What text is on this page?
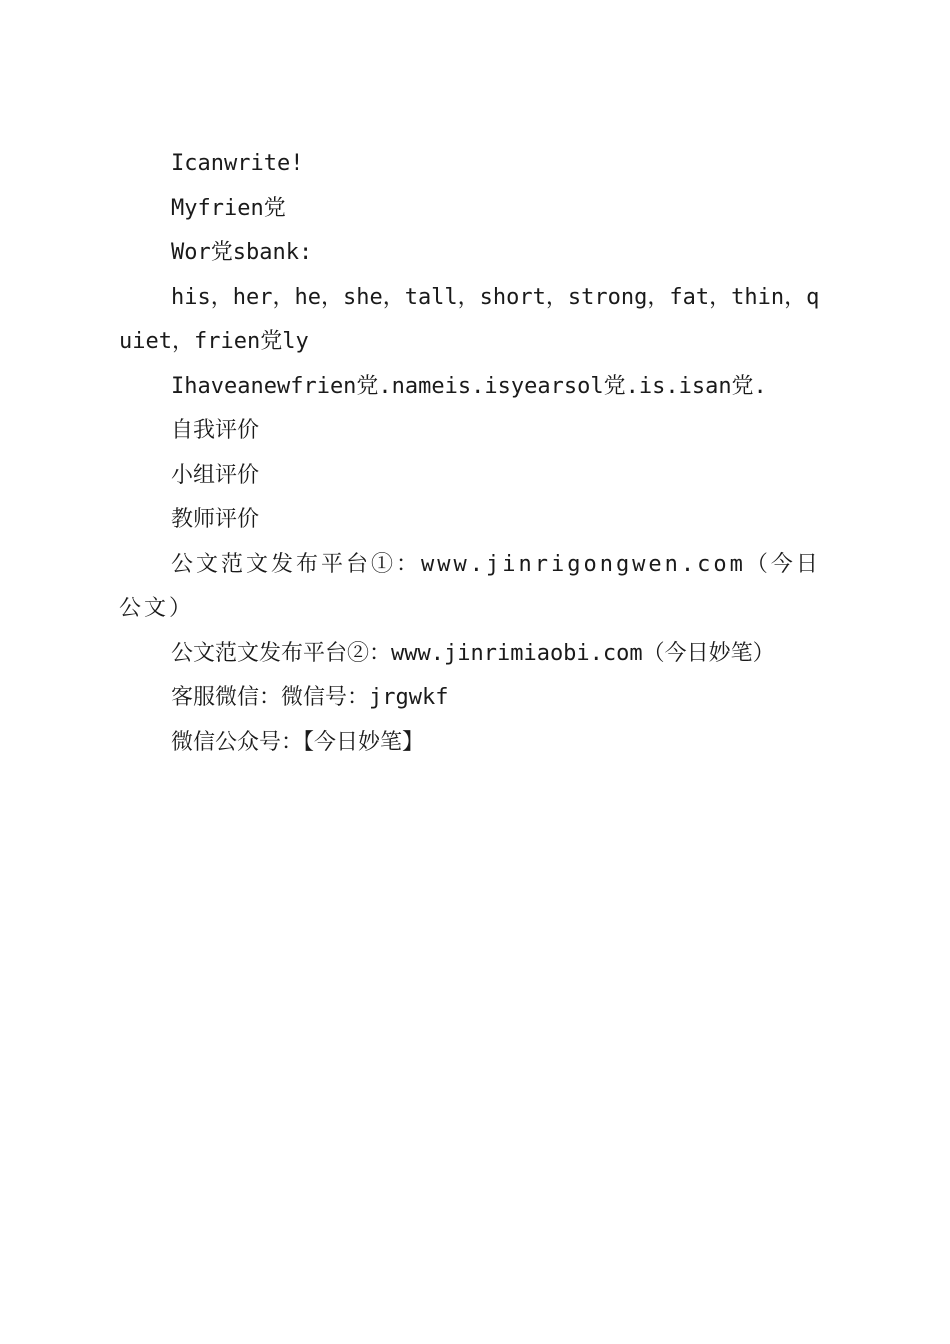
Icanwrite!

Myfrien党

Wor党sbank:

his，her，he，she，tall，short，strong，fat，thin，quiet，frien党ly

Ihaveanewfrien党.nameis.isyearsol党.is.isan党.

自我评价

小组评价

教师评价

公文范文发布平台①：www.jinrigongwen.com（今日公文）

公文范文发布平台②：www.jinrimiaobi.com（今日妙笔）

客服微信：微信号：jrgwkf

微信公众号：【今日妙笔】
